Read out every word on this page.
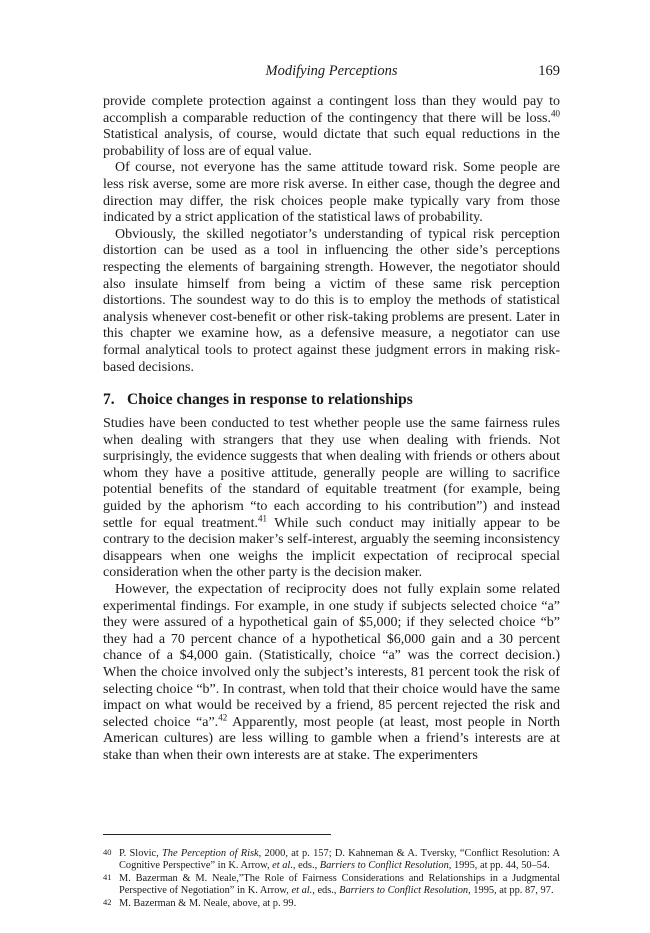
Modifying Perceptions	169

provide complete protection against a contingent loss than they would pay to accomplish a comparable reduction of the contingency that there will be loss.$^{40}$ Statistical analysis, of course, would dictate that such equal reductions in the probability of loss are of equal value.

Of course, not everyone has the same attitude toward risk. Some people are less risk averse, some are more risk averse. In either case, though the degree and direction may differ, the risk choices people make typically vary from those indicated by a strict application of the statistical laws of probability.

Obviously, the skilled negotiator’s understanding of typical risk perception distortion can be used as a tool in influencing the other side’s perceptions respecting the elements of bargaining strength. However, the negotiator should also insulate himself from being a victim of these same risk perception distortions. The soundest way to do this is to employ the methods of statistical analysis whenever cost-benefit or other risk-taking problems are present. Later in this chapter we examine how, as a defensive measure, a negotiator can use formal analytical tools to protect against these judgment errors in making risk-based decisions.

7. Choice changes in response to relationships

Studies have been conducted to test whether people use the same fairness rules when dealing with strangers that they use when dealing with friends. Not surprisingly, the evidence suggests that when dealing with friends or others about whom they have a positive attitude, generally people are willing to sacrifice potential benefits of the standard of equitable treatment (for example, being guided by the aphorism “to each according to his contribution”) and instead settle for equal treatment.$^{41}$ While such conduct may initially appear to be contrary to the decision maker’s self-interest, arguably the seeming inconsistency disappears when one weighs the implicit expectation of reciprocal special consideration when the other party is the decision maker.

However, the expectation of reciprocity does not fully explain some related experimental findings. For example, in one study if subjects selected choice “a” they were assured of a hypothetical gain of $5,000; if they selected choice “b” they had a 70 percent chance of a hypothetical $6,000 gain and a 30 percent chance of a $4,000 gain. (Statistically, choice “a” was the correct decision.) When the choice involved only the subject’s interests, 81 percent took the risk of selecting choice “b”. In contrast, when told that their choice would have the same impact on what would be received by a friend, 85 percent rejected the risk and selected choice “a”.$^{42}$ Apparently, most people (at least, most people in North American cultures) are less willing to gamble when a friend’s interests are at stake than when their own interests are at stake. The experimenters

40 P. Slovic, The Perception of Risk, 2000, at p. 157; D. Kahneman & A. Tversky, “Conflict Resolution: A Cognitive Perspective” in K. Arrow, et al., eds., Barriers to Conflict Resolution, 1995, at pp. 44, 50–54.

41 M. Bazerman & M. Neale,”The Role of Fairness Considerations and Relationships in a Judgmental Perspective of Negotiation” in K. Arrow, et al., eds., Barriers to Conflict Resolution, 1995, at pp. 87, 97.

42 M. Bazerman & M. Neale, above, at p. 99.
